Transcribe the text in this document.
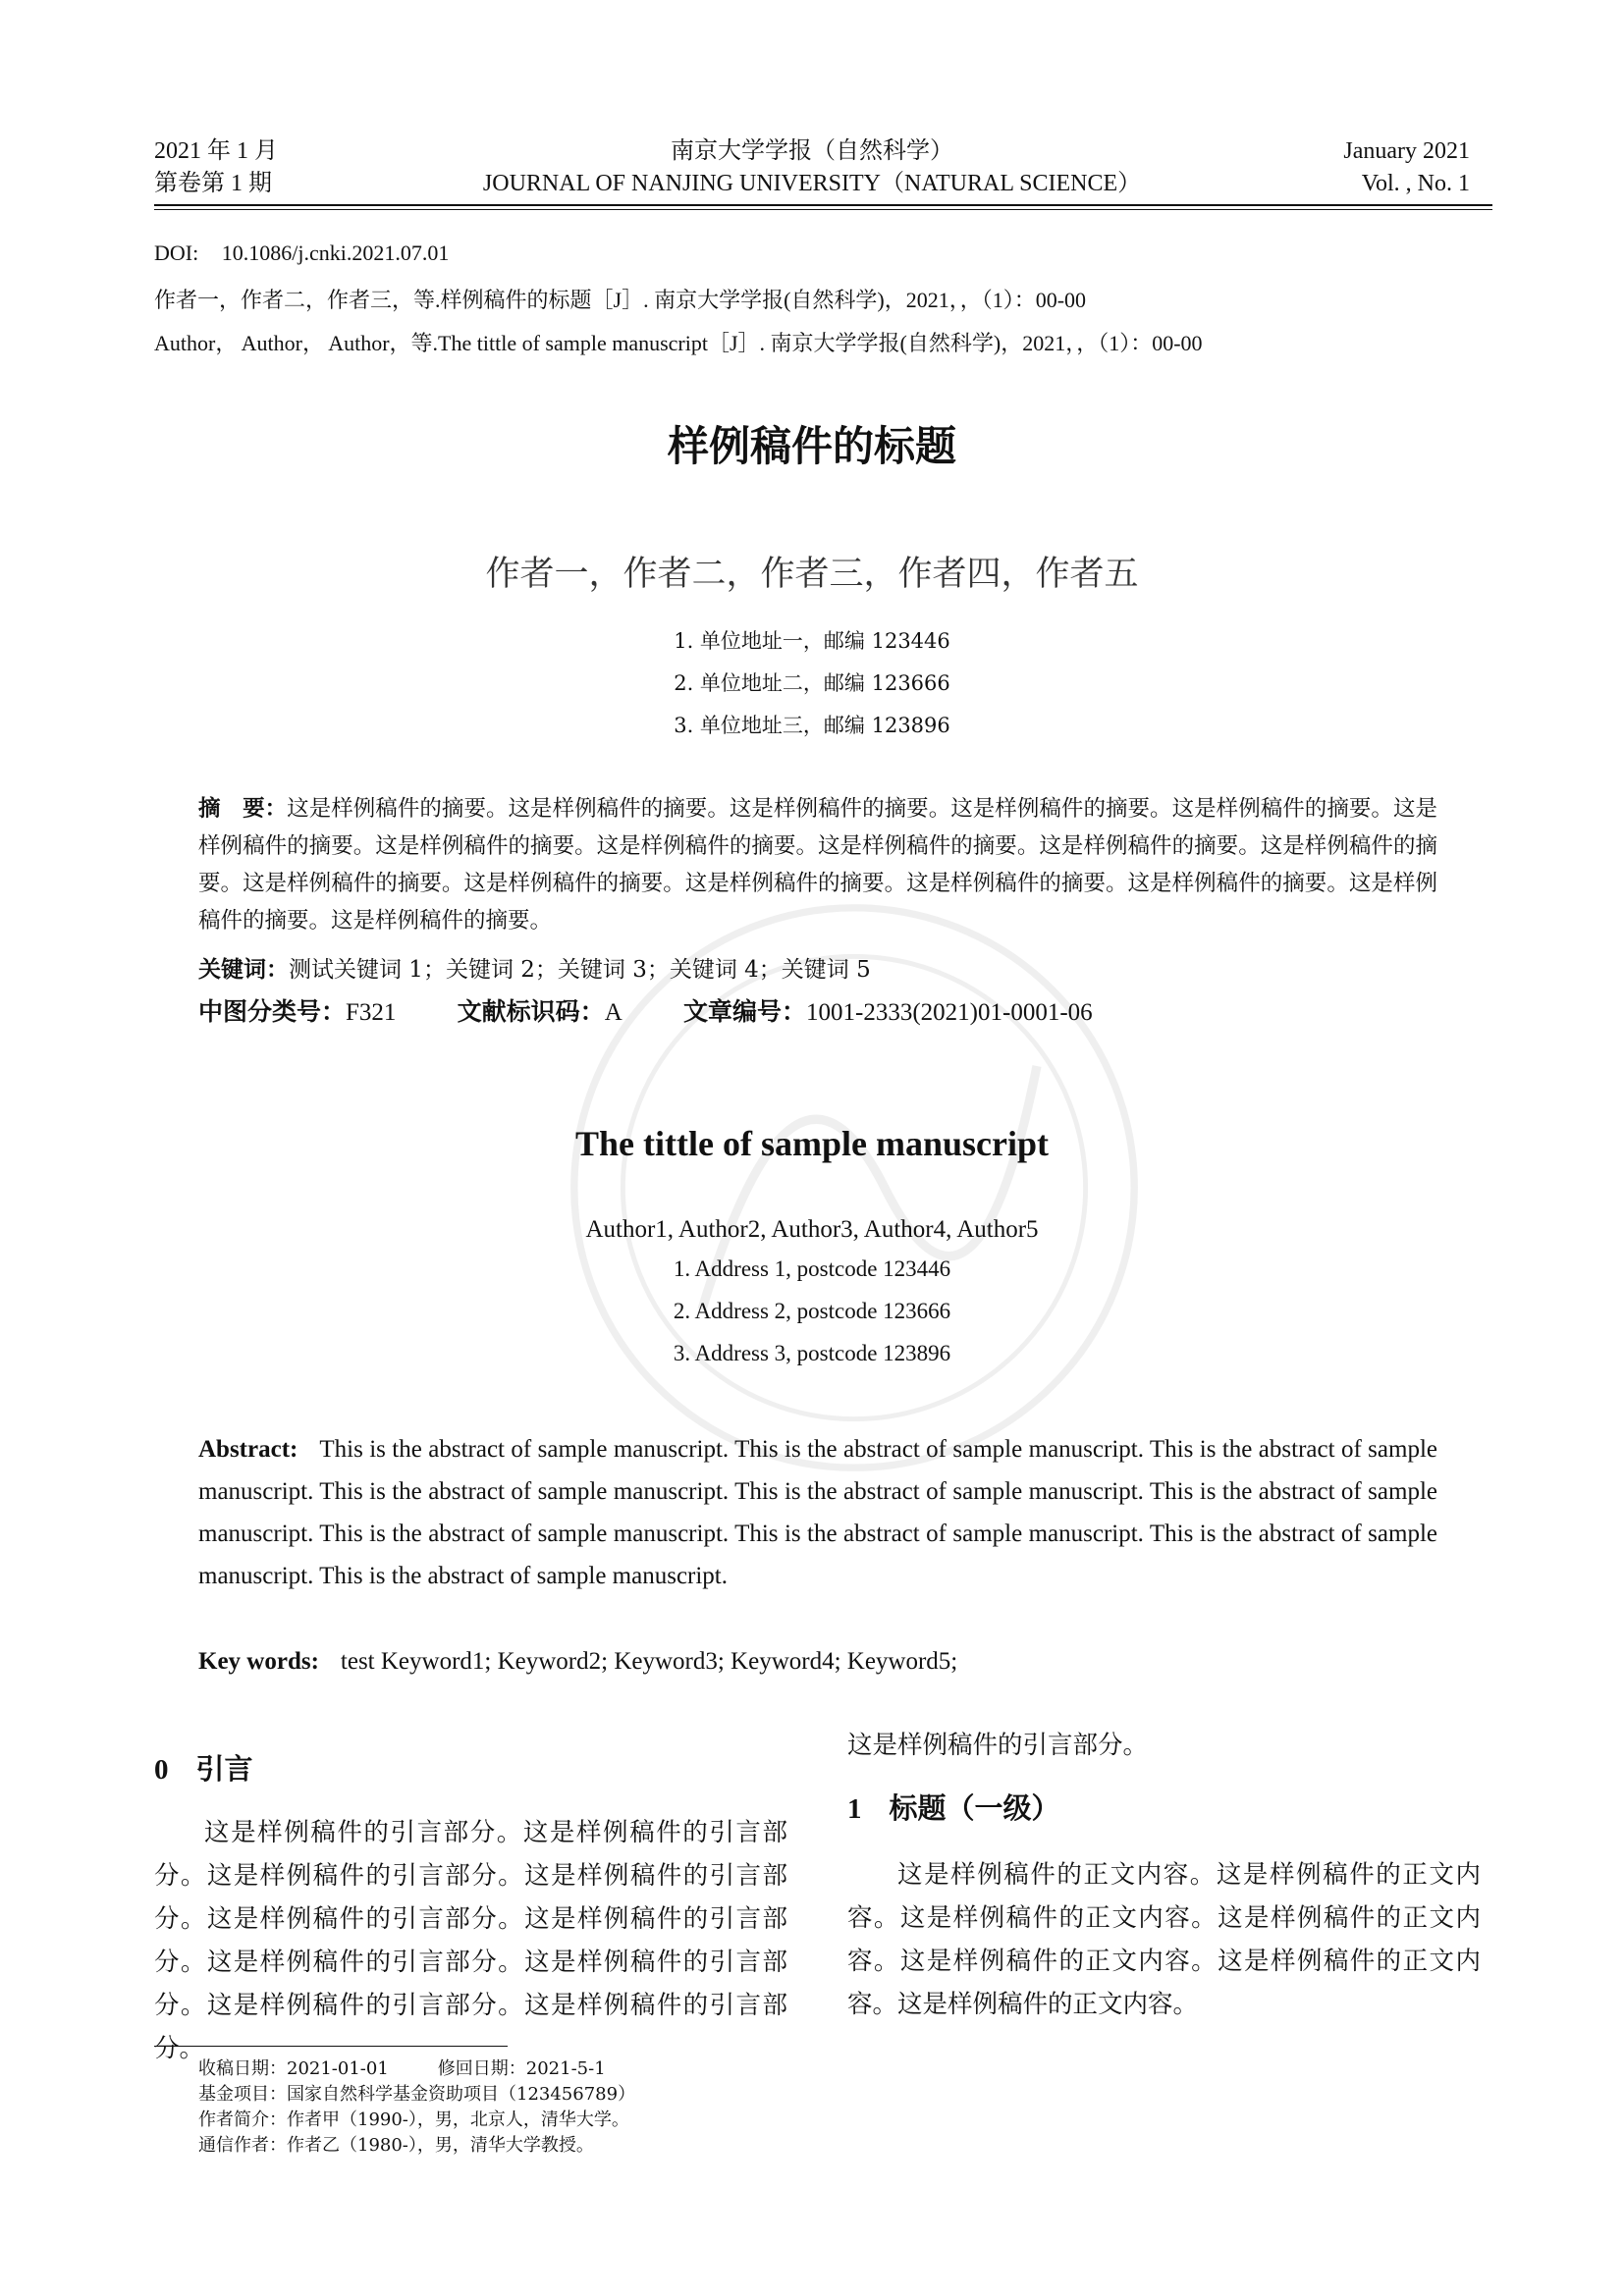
2021 年 1 月
第卷第 1 期
南京大学学报（自然科学）
JOURNAL OF NANJING UNIVERSITY（NATURAL SCIENCE）
January 2021
Vol. , No. 1
DOI: 10.1086/j.cnki.2021.07.01
作者一，作者二，作者三，等.样例稿件的标题［J］. 南京大学学报(自然科学)，2021，，（1）：00-00
Author， Author， Author，等.The tittle of sample manuscript［J］. 南京大学学报(自然科学)，2021，，（1）：00-00
样例稿件的标题
作者一，作者二，作者三，作者四，作者五
1. 单位地址一，邮编 123446
2. 单位地址二，邮编 123666
3. 单位地址三，邮编 123896
摘　要：这是样例稿件的摘要。这是样例稿件的摘要。这是样例稿件的摘要。这是样例稿件的摘要。这是样例稿件的摘要。这是样例稿件的摘要。这是样例稿件的摘要。这是样例稿件的摘要。这是样例稿件的摘要。这是样例稿件的摘要。这是样例稿件的摘要。这是样例稿件的摘要。这是样例稿件的摘要。这是样例稿件的摘要。这是样例稿件的摘要。这是样例稿件的摘要。这是样例稿件的摘要。这是样例稿件的摘要。
关键词：测试关键词 1；关键词 2；关键词 3；关键词 4；关键词 5
中图分类号：F321 文献标识码：A 文章编号：1001-2333(2021)01-0001-06
The tittle of sample manuscript
Author1, Author2, Author3, Author4, Author5
1. Address 1, postcode 123446
2. Address 2, postcode 123666
3. Address 3, postcode 123896
Abstract: This is the abstract of sample manuscript. This is the abstract of sample manuscript. This is the abstract of sample manuscript. This is the abstract of sample manuscript. This is the abstract of sample manuscript. This is the abstract of sample manuscript. This is the abstract of sample manuscript. This is the abstract of sample manuscript. This is the abstract of sample manuscript. This is the abstract of sample manuscript.
Key words: test Keyword1; Keyword2; Keyword3; Keyword4; Keyword5;
0 引言
这是样例稿件的引言部分。这是样例稿件的引言部分。这是样例稿件的引言部分。这是样例稿件的引言部分。这是样例稿件的引言部分。这是样例稿件的引言部分。这是样例稿件的引言部分。这是样例稿件的引言部分。这是样例稿件的引言部分。这是样例稿件的引言部分。
这是样例稿件的引言部分。
1 标题（一级）
这是样例稿件的正文内容。这是样例稿件的正文内容。这是样例稿件的正文内容。这是样例稿件的正文内容。这是样例稿件的正文内容。这是样例稿件的正文内容。这是样例稿件的正文内容。
收稿日期：2021-01-01	修回日期：2021-5-1
基金项目：国家自然科学基金资助项目（123456789）
作者简介：作者甲（1990-），男，北京人，清华大学。
通信作者：作者乙（1980-），男，清华大学教授。
